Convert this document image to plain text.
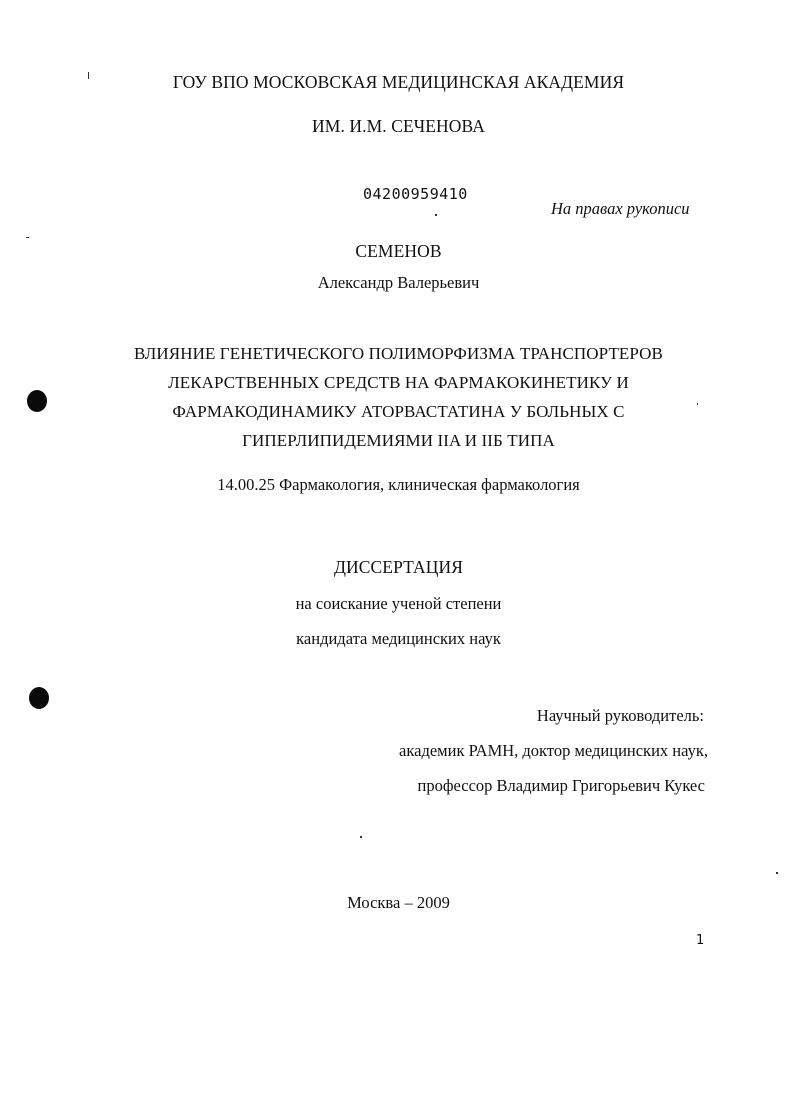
ГОУ ВПО МОСКОВСКАЯ МЕДИЦИНСКАЯ АКАДЕМИЯ
ИМ. И.М. СЕЧЕНОВА
04200959410
На правах рукописи
СЕМЕНОВ
Александр Валерьевич
ВЛИЯНИЕ ГЕНЕТИЧЕСКОГО ПОЛИМОРФИЗМА ТРАНСПОРТЕРОВ
ЛЕКАРСТВЕННЫХ СРЕДСТВ НА ФАРМАКОКИНЕТИКУ И
ФАРМАКОДИНАМИКУ АТОРВАСТАТИНА У БОЛЬНЫХ С
ГИПЕРЛИПИДЕМИЯМИ IIA И IIБ ТИПА
14.00.25 Фармакология, клиническая фармакология
ДИССЕРТАЦИЯ
на соискание ученой степени
кандидата медицинских наук
Научный руководитель:
академик РАМН, доктор медицинских наук,
профессор Владимир Григорьевич Кукес
Москва – 2009
1
